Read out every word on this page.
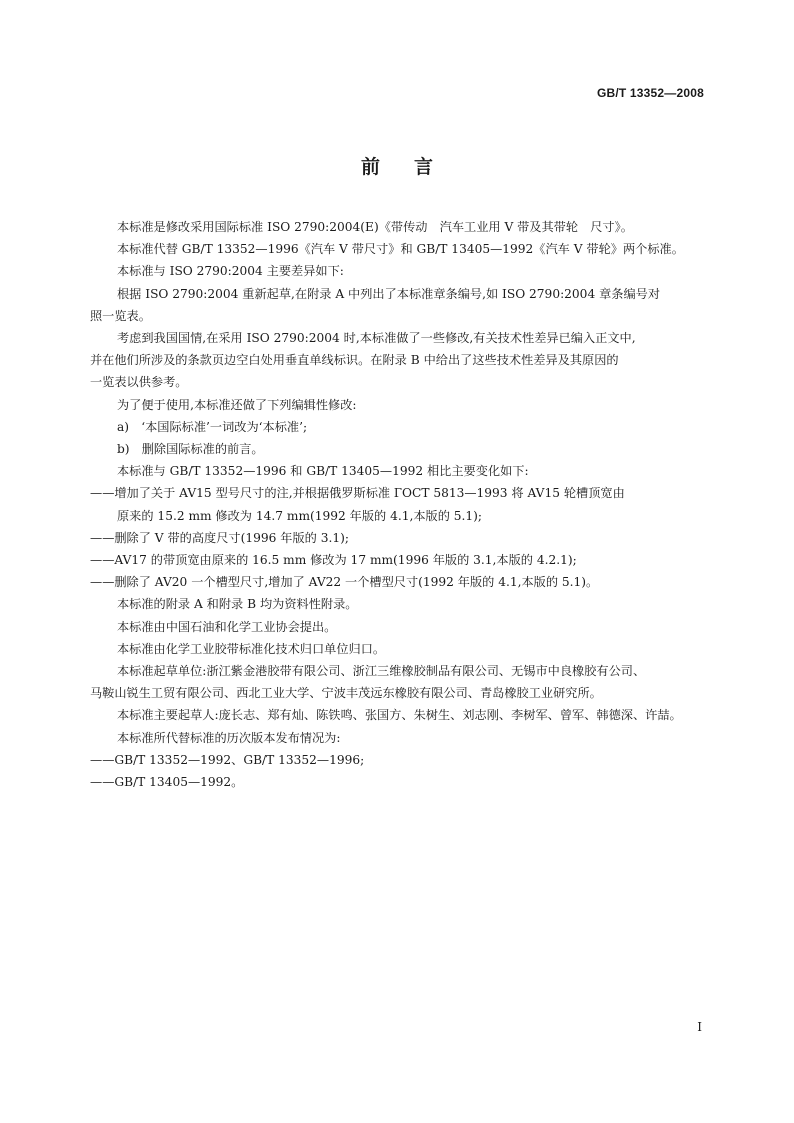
GB/T 13352—2008
前言
本标准是修改采用国际标准 ISO 2790:2004(E)《带传动　汽车工业用 V 带及其带轮　尺寸》。
本标准代替 GB/T 13352—1996《汽车 V 带尺寸》和 GB/T 13405—1992《汽车 V 带轮》两个标准。
本标准与 ISO 2790:2004 主要差异如下:
根据 ISO 2790:2004 重新起草,在附录 A 中列出了本标准章条编号,如 ISO 2790:2004 章条编号对
照一览表。
考虑到我国国情,在采用 ISO 2790:2004 时,本标准做了一些修改,有关技术性差异已编入正文中,
并在他们所涉及的条款页边空白处用垂直单线标识。在附录 B 中给出了这些技术性差异及其原因的
一览表以供参考。
为了便于使用,本标准还做了下列编辑性修改:
a)　‘本国际标准’一词改为‘本标准’;
b)　删除国际标准的前言。
本标准与 GB/T 13352—1996 和 GB/T 13405—1992 相比主要变化如下:
——增加了关于 AV15 型号尺寸的注,并根据俄罗斯标准 ГОСТ 5813—1993 将 AV15 轮槽顶宽由
原来的 15.2 mm 修改为 14.7 mm(1992 年版的 4.1,本版的 5.1);
——删除了 V 带的高度尺寸(1996 年版的 3.1);
——AV17 的带顶宽由原来的 16.5 mm 修改为 17 mm(1996 年版的 3.1,本版的 4.2.1);
——删除了 AV20 一个槽型尺寸,增加了 AV22 一个槽型尺寸(1992 年版的 4.1,本版的 5.1)。
本标准的附录 A 和附录 B 均为资料性附录。
本标准由中国石油和化学工业协会提出。
本标准由化学工业胶带标准化技术归口单位归口。
本标准起草单位:浙江紫金港胶带有限公司、浙江三维橡胶制品有限公司、无锡市中良橡胶有公司、
马鞍山锐生工贸有限公司、西北工业大学、宁波丰茂远东橡胶有限公司、青岛橡胶工业研究所。
本标准主要起草人:庞长志、郑有灿、陈铁鸣、张国方、朱树生、刘志刚、李树军、曾军、韩德深、许喆。
本标准所代替标准的历次版本发布情况为:
——GB/T 13352—1992、GB/T 13352—1996;
——GB/T 13405—1992。
I
